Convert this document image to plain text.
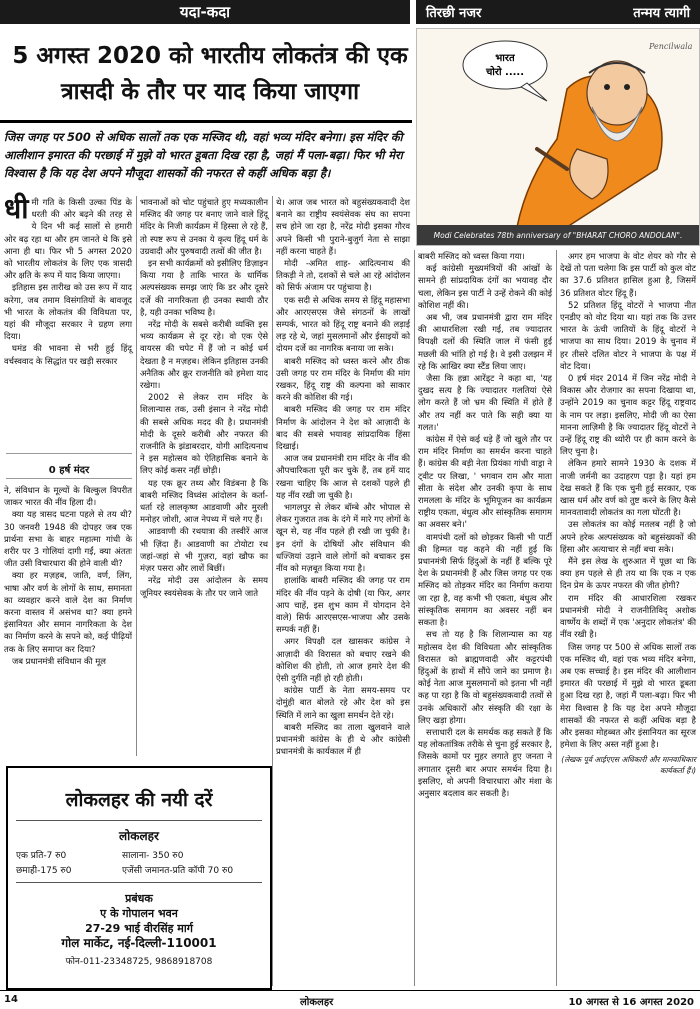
यदा-कदा	तिरछी नजर	तन्मय त्यागी
5 अगस्त 2020 को भारतीय लोकतंत्र की एक त्रासदी के तौर पर याद किया जाएगा
जिस जगह पर 500 से अधिक सालों तक एक मस्जिद थी, वहां भव्य मंदिर बनेगा। इस मंदिर की आलीशान इमारत की परछाई में मुझे वो भारत डूबता दिख रहा है, जहां मैं पला-बढ़ा। फिर भी मेरा विश्वास है कि यह देश अपने मौजूदा शासकों की नफरत से कहीं अधिक बड़ा है।
भारत
चोरो .....
Pencilwala
Modi Celebrates 78th anniversary of "BHARAT CHORO ANDOLAN".
धी मी गति के किसी उल्का पिंड के धरती की ओर बढ़ने की तरह से ये दिन भी कई सालों से हमारी ओर बढ़ रहा था और हम जानते थे कि इसे आना ही था। फिर भी 5 अगस्त 2020 को भारतीय लोकतंत्र के लिए एक त्रासदी और क्षति के रूप में याद किया जाएगा।

इतिहास इस तारीख को उस रूप में याद करेगा, जब तमाम विसंगतियों के बावजूद भी भारत के लोकतंत्र की विविधता पर, यहां की मौजूदा सरकार ने ग्रहण लगा दिया।

घमंड की भावना से भरी हुई हिंदू वर्चस्ववाद के सिद्धांत पर खड़ी सरकार

0 हर्ष मंदर

ने, संविधान के मूल्यों के बिल्कुल विपरीत जाकर भारत की नींव हिला दी।

क्या यह त्रासद घटना पहले से तय थी? 30 जनवरी 1948 की दोपहर जब एक प्रार्थना सभा के बाहर महात्मा गांधी के शरीर पर 3 गोलियां दागी गईं, क्या अंततः जीत उसी विचारधारा की होने वाली थी?

क्या हर मज़हब, जाति, वर्ण, लिंग, भाषा और वर्ण के लोगों के साथ, समानता का व्यवहार करने वाले देश का निर्माण करना वास्तव में असंभव था? क्या हमने इंसानियत और समान नागरिकता के देश का निर्माण करने के सपने को, कई पीढ़ियों तक के लिए समाप्त कर दिया?

जब प्रधानमंत्री संविधान की मूल

भावनाओं को चोट पहुंचाते हुए मध्यकालीन मस्जिद की जगह पर बनाए जाने वाले हिंदू मंदिर के निजी कार्यक्रम में हिस्सा ले रहे हैं, तो स्पष्ट रूप से उनका ये कृत्य हिंदू धर्म के उग्रवादी और पुरुषवादी तत्वों की जीत है।

इन सभी कार्यक्रमों को इसीलिए डिज़ाइन किया गया है ताकि भारत के धार्मिक अल्पसंख्यक समझ जाएं कि डर और दूसरे दर्जे की नागरिकता ही उनका स्थायी ठौर है, यही उनका भविष्य है।

नरेंद्र मोदी के सबसे करीबी व्यक्ति इस भव्य कार्यक्रम से दूर रहे। वो एक ऐसे वायरस की चपेट में हैं जो न कोई धर्म देखता है न मज़हब। लेकिन इतिहास उनकी अनैतिक और क्रूर राजनीति को हमेशा याद रखेगा।

2002 से लेकर राम मंदिर के शिलान्यास तक, उसी इंसान ने नरेंद्र मोदी की सबसे अधिक मदद की है। प्रधानमंत्री मोदी के दूसरे करीबी और नफरत की राजनीति के झंडाबरदार, योगी आदित्यनाथ ने इस महोत्सव को ऐतिहासिक बनाने के लिए कोई कसर नहीं छोड़ी।

यह एक क्रूर तथ्य और विडंबना है कि बाबरी मस्जिद विध्वंस आंदोलन के कर्ता-धर्ता रहे लालकृष्ण आडवाणी और मुरली मनोहर जोशी, आज नेपथ्य में चले गए हैं।

आडवाणी की रथयात्रा की तस्वीरें आज भी ज़िंदा हैं। आडवाणी का टोयोटा रथ जहां-जहां से भी गुज़रा, वहां खौफ का मंज़र पसरा और लाशें बिछीं।

नरेंद्र मोदी उस आंदोलन के समय जूनियर स्वयंसेवक के तौर पर जाने जाते

थे। आज जब भारत को बहुसंख्यकवादी देश बनाने का राष्ट्रीय स्वयंसेवक संघ का सपना सच होने जा रहा है, नरेंद्र मोदी इसका गौरव अपने किसी भी पुराने-बुजुर्ग नेता से साझा नहीं करना चाहते हैं।

मोदी -अमित शाह- आदित्यनाथ की तिकड़ी ने तो, दशकों से चले आ रहे आंदोलन को सिर्फ अंजाम पर पहुंचाया है।

एक सदी से अधिक समय से हिंदू महासभा और आरएसएस जैसे संगठनों के लाखों सम्पर्क, भारत को हिंदू राष्ट्र बनाने की लड़ाई लड़ रहे थे, जहां मुसलमानों और ईसाइयों को दोयम दर्जे का नागरिक बनाया जा सके।

बाबरी मस्जिद को ध्वस्त करने और ठीक उसी जगह पर राम मंदिर के निर्माण की मांग रखकर, हिंदू राष्ट्र की कल्पना को साकार करने की कोशिश की गई।

बाबरी मस्जिद की जगह पर राम मंदिर निर्माण के आंदोलन ने देश को आज़ादी के बाद की सबसे भयावह सांप्रदायिक हिंसा दिखाई।

आज जब प्रधानमंत्री राम मंदिर के नींव की औपचारिकता पूरी कर चुके हैं, तब हमें याद रखना चाहिए कि आज से दशकों पहले ही यह नींव रखी जा चुकी है।

भागलपुर से लेकर बॉम्बे और भोपाल से लेकर गुजरात तक के दंगे में मारे गए लोगों के खून से, यह नींव पहले ही रखी जा चुकी है। इन दंगों के दोषियों और संविधान की धज्जियां उड़ाने वाले लोगों को बचाकर इस नींव को मज़बूत किया गया है।

हालांकि बाबरी मस्जिद की जगह पर राम मंदिर की नींव पड़ने के दोषी (या फिर, अगर आप चाहें, इस शुभ काम में योगदान देने वाले) सिर्फ आरएसएस-भाजपा और उसके सम्पर्क नहीं हैं।

अगर विपक्षी दल खासकर कांग्रेस ने आज़ादी की विरासत को बचाए रखने की कोशिश की होती, तो आज हमारे देश की ऐसी दुर्गति नहीं हो रही होती।

कांग्रेस पार्टी के नेता समय-समय पर दोमुंही बात बोलते रहे और देश को इस स्थिति में लाने का खुला समर्थन देते रहे।

बाबरी मस्जिद का ताला खुलवाने वाले प्रधानमंत्री कांग्रेस के ही थे और कांग्रेसी प्रधानमंत्री के कार्यकाल में ही

बाबरी मस्जिद को ध्वस्त किया गया।

कई कांग्रेसी मुख्यमंत्रियों की आंखों के सामने ही सांप्रदायिक दंगों का भयावह दौर चला, लेकिन इस पार्टी ने उन्हें रोकने की कोई कोशिश नहीं की।

अब भी, जब प्रधानमंत्री द्वारा राम मंदिर की आधारशिला रखी गई, तब ज्यादातर विपक्षी दलों की स्थिति जाल में फंसी हुई मछली की भांति हो गई है। वे इसी उलझन में रहे कि आखिर क्या स्टैंड लिया जाए।

जैसा कि हन्ना आरेंड्ट ने कहा था, 'यह दुखद सत्य है कि ज्यादातर गलतियां ऐसे लोग करते हैं जो भ्रम की स्थिति में होते हैं और तय नहीं कर पाते कि सही क्या या गलत।'

कांग्रेस में ऐसे कई धड़े हैं जो खुले तौर पर राम मंदिर निर्माण का समर्थन करना चाहते हैं। कांग्रेस की बड़ी नेता प्रियंका गांधी वाड्रा ने ट्वीट पर लिखा, ' भगवान राम और माता सीता के संदेश और उनकी कृपा के साथ रामलला के मंदिर के भूमिपूजन का कार्यक्रम राष्ट्रीय एकता, बंधुत्व और सांस्कृतिक समागम का अवसर बने।'

वामपंथी दलों को छोड़कर किसी भी पार्टी की हिम्मत यह कहने की नहीं हुई कि प्रधानमंत्री सिर्फ हिंदुओं के नहीं हैं बल्कि पूरे देश के प्रधानमंत्री हैं और जिस जगह पर एक मस्जिद को तोड़कर मंदिर का निर्माण कराया जा रहा है, वह कभी भी एकता, बंधुत्व और सांस्कृतिक समागम का अवसर नहीं बन सकता है।

सच तो यह है कि शिलान्यास का यह महोत्सव देश की विविधता और सांस्कृतिक विरासत को ब्राह्मणवादी और कट्टरपंथी हिंदुओं के हाथों में सौंपे जाने का प्रमाण है। कोई नेता आज मुसलमानों को इतना भी नहीं कह पा रहा है कि वो बहुसंख्यकवादी तत्वों से उनके अधिकारों और संस्कृति की रक्षा के लिए खड़ा होगा।

सत्ताधारी दल के समर्थक कह सकते हैं कि यह लोकतांत्रिक तरीके से चुना हुई सरकार है, जिसके कामों पर मुहर लगाते हुए जनता ने लगातार दूसरी बार अपार समर्थन दिया है। इसलिए, वो अपनी विचारधारा और मंशा के अनुसार बदलाव कर सकती है।

अगर हम भाजपा के वोट शेयर को गौर से देखें तो पता चलेगा कि इस पार्टी को कुल वोट का 37.6 प्रतिशत हासिल हुआ है, जिसमें 36 प्रतिशत वोटर हिंदू हैं।

52 प्रतिशत हिंदू वोटरों ने भाजपा नीत एनडीए को वोट दिया था। यहां तक कि उत्तर भारत के ऊंची जातियों के हिंदू वोटरों ने भाजपा का साथ दिया। 2019 के चुनाव में हर तीसरे दलित वोटर ने भाजपा के पक्ष में वोट दिया।

0 हर्ष मंदर 2014 में जिन नरेंद्र मोदी ने विकास और रोजगार का सपना दिखाया था, उन्होंने 2019 का चुनाव कट्टर हिंदू राष्ट्रवाद के नाम पर लड़ा। इसलिए, मोदी जी का ऐसा मानना लाज़िमी है कि ज्यादातर हिंदू वोटरों ने उन्हें हिंदू राष्ट्र की थ्योरी पर ही काम करने के लिए चुना है।

लेकिन हमारे सामने 1930 के दशक में नाजी जर्मनी का उदाहरण पड़ा है। यहां हम देख सकते हैं कि एक चुनी हुई सरकार, एक खास धर्म और वर्ण को तुष्ट करने के लिए कैसे मानवतावादी लोकतंत्र का गला घोंटती है।

उस लोकतंत्र का कोई मतलब नहीं है जो अपने हरेक अल्पसंख्यक को बहुसंख्यकों की हिंसा और अत्याचार से नहीं बचा सके।

मैंने इस लेख के शुरुआत में पूछा था कि क्या हम पहले से ही तय था कि एक न एक दिन प्रेम के ऊपर नफरत की जीत होगी?

राम मंदिर की आधारशिला रखकर प्रधानमंत्री मोदी ने राजनीतिविद् अशोक वार्ष्णेय के शब्दों में एक 'अनुदार लोकतंत्र' की नींव रखी है।

जिस जगह पर 500 से अधिक सालों तक एक मस्जिद थी, वहां एक भव्य मंदिर बनेगा, अब एक सच्चाई है। इस मंदिर की आलीशान इमारत की परछाई में मुझे वो भारत डूबता हुआ दिख रहा है, जहां मैं पला-बढ़ा। फिर भी मेरा विश्वास है कि यह देश अपने मौजूदा शासकों की नफरत से कहीं अधिक बड़ा है और इसका मोहब्बत और इंसानियत का सूरज हमेशा के लिए अस्त नहीं हुआ है।

(लेखक पूर्व आईएएस अधिकारी और मानवाधिकार कार्यकर्ता हैं।)
लोकलहर की नयी दरें
लोकलहर
एक प्रति-7 रु0	सालाना- 350 रु0
छमाही-175 रु0	एजेंसी जमानत-प्रति कॉपी 70 रु0
प्रबंधक
ए के गोपालन भवन
27-29 भाई वीरसिंह मार्ग
गोल मार्केट, नई-दिल्ली-110001
फोन-011-23348725, 9868918708
14	लोकलहर	10 अगस्त से 16 अगस्त 2020
